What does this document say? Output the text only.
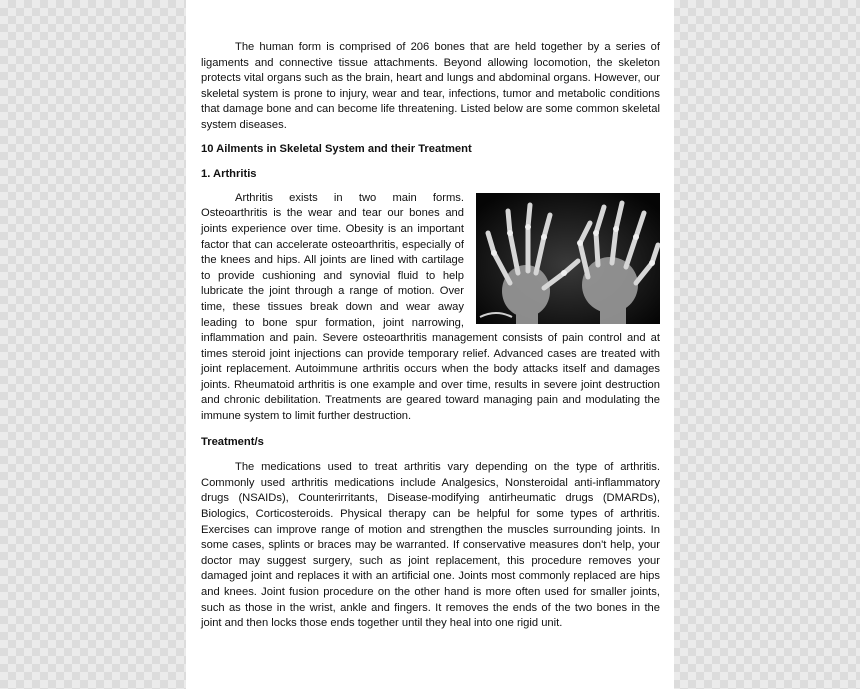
The human form is comprised of 206 bones that are held together by a series of ligaments and connective tissue attachments. Beyond allowing locomotion, the skeleton protects vital organs such as the brain, heart and lungs and abdominal organs. However, our skeletal system is prone to injury, wear and tear, infections, tumor and metabolic conditions that damage bone and can become life threatening. Listed below are some common skeletal system diseases.

10 Ailments in Skeletal System and their Treatment
1. Arthritis

Arthritis exists in two main forms. Osteoarthritis is the wear and tear our bones and joints experience over time. Obesity is an important factor that can accelerate osteoarthritis, especially of the knees and hips. All joints are lined with cartilage to provide cushioning and synovial fluid to help lubricate the joint through a range of motion. Over time, these tissues break down and wear away leading to bone spur formation, joint narrowing, inflammation and pain. Severe osteoarthritis management consists of pain control and at times steroid joint injections can provide temporary relief. Advanced cases are treated with joint replacement. Autoimmune arthritis occurs when the body attacks itself and damages joints. Rheumatoid arthritis is one example and over time, results in severe joint destruction and chronic debilitation. Treatments are geared toward managing pain and modulating the immune system to limit further destruction.

Treatment/s

The medications used to treat arthritis vary depending on the type of arthritis. Commonly used arthritis medications include Analgesics, Nonsteroidal anti-inflammatory drugs (NSAIDs), Counterirritants, Disease-modifying antirheumatic drugs (DMARDs), Biologics, Corticosteroids. Physical therapy can be helpful for some types of arthritis. Exercises can improve range of motion and strengthen the muscles surrounding joints. In some cases, splints or braces may be warranted. If conservative measures don't help, your doctor may suggest surgery, such as joint replacement, this procedure removes your damaged joint and replaces it with an artificial one. Joints most commonly replaced are hips and knees. Joint fusion procedure on the other hand is more often used for smaller joints, such as those in the wrist, ankle and fingers. It removes the ends of the two bones in the joint and then locks those ends together until they heal into one rigid unit.
